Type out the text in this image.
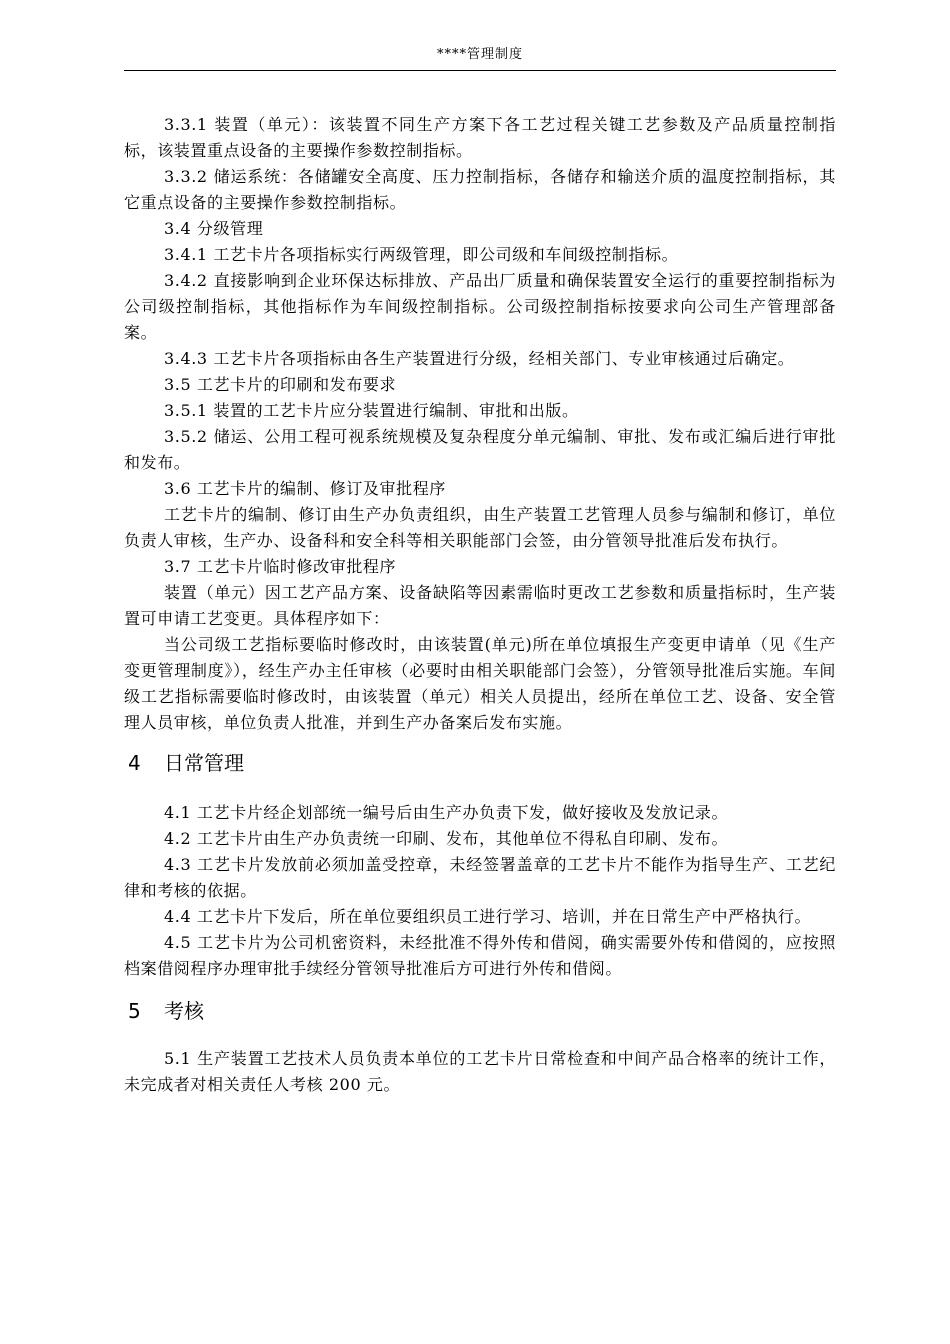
****管理制度

3.3.1 装置（单元）：该装置不同生产方案下各工艺过程关键工艺参数及产品质量控制指标，该装置重点设备的主要操作参数控制指标。

3.3.2 储运系统：各储罐安全高度、压力控制指标，各储存和输送介质的温度控制指标，其它重点设备的主要操作参数控制指标。

3.4 分级管理

3.4.1 工艺卡片各项指标实行两级管理，即公司级和车间级控制指标。

3.4.2 直接影响到企业环保达标排放、产品出厂质量和确保装置安全运行的重要控制指标为公司级控制指标，其他指标作为车间级控制指标。公司级控制指标按要求向公司生产管理部备案。

3.4.3 工艺卡片各项指标由各生产装置进行分级，经相关部门、专业审核通过后确定。

3.5 工艺卡片的印刷和发布要求

3.5.1 装置的工艺卡片应分装置进行编制、审批和出版。

3.5.2 储运、公用工程可视系统规模及复杂程度分单元编制、审批、发布或汇编后进行审批和发布。

3.6 工艺卡片的编制、修订及审批程序

工艺卡片的编制、修订由生产办负责组织，由生产装置工艺管理人员参与编制和修订，单位负责人审核，生产办、设备科和安全科等相关职能部门会签，由分管领导批准后发布执行。

3.7 工艺卡片临时修改审批程序

装置（单元）因工艺产品方案、设备缺陷等因素需临时更改工艺参数和质量指标时，生产装置可申请工艺变更。具体程序如下：

当公司级工艺指标要临时修改时，由该装置(单元)所在单位填报生产变更申请单（见《生产变更管理制度》），经生产办主任审核（必要时由相关职能部门会签），分管领导批准后实施。车间级工艺指标需要临时修改时，由该装置（单元）相关人员提出，经所在单位工艺、设备、安全管理人员审核，单位负责人批准，并到生产办备案后发布实施。

4 日常管理

4.1 工艺卡片经企划部统一编号后由生产办负责下发，做好接收及发放记录。

4.2 工艺卡片由生产办负责统一印刷、发布，其他单位不得私自印刷、发布。

4.3 工艺卡片发放前必须加盖受控章，未经签署盖章的工艺卡片不能作为指导生产、工艺纪律和考核的依据。

4.4 工艺卡片下发后，所在单位要组织员工进行学习、培训，并在日常生产中严格执行。

4.5 工艺卡片为公司机密资料，未经批准不得外传和借阅，确实需要外传和借阅的，应按照档案借阅程序办理审批手续经分管领导批准后方可进行外传和借阅。

5 考核

5.1 生产装置工艺技术人员负责本单位的工艺卡片日常检查和中间产品合格率的统计工作，未完成者对相关责任人考核 200 元。
